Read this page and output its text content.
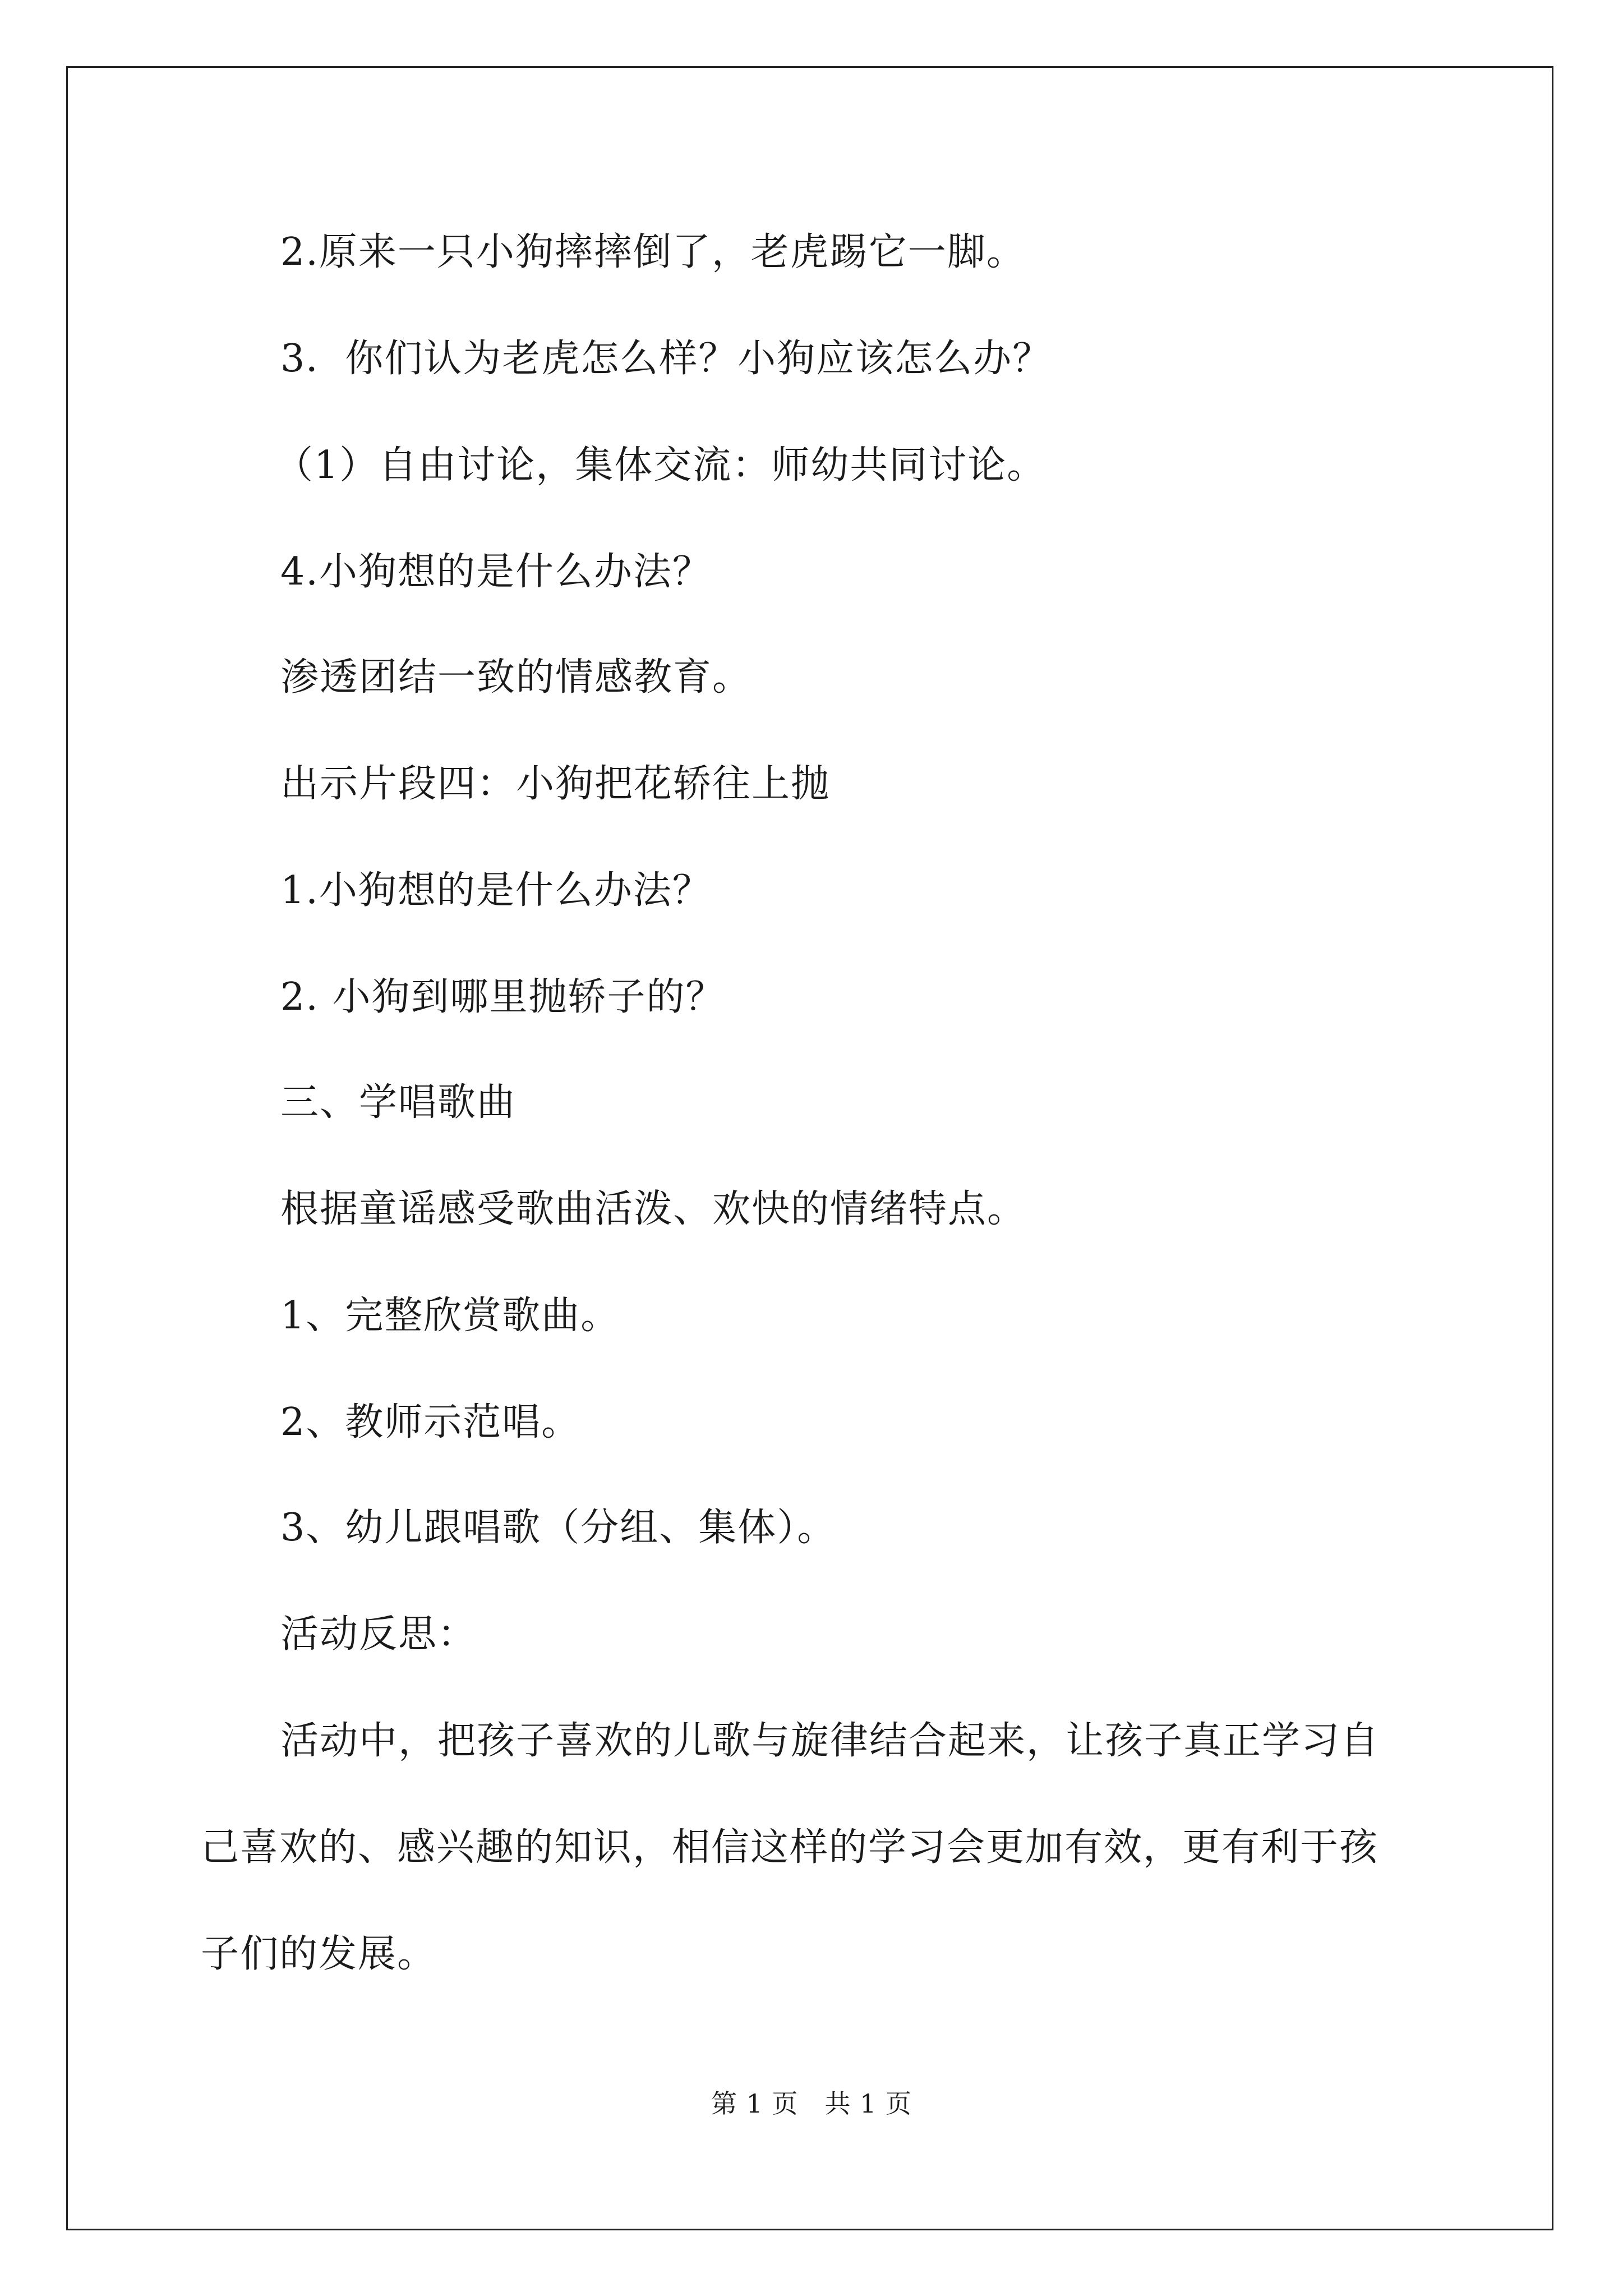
2.原来一只小狗摔摔倒了，老虎踢它一脚。
3．你们认为老虎怎么样？小狗应该怎么办？
（1）自由讨论，集体交流：师幼共同讨论。
4.小狗想的是什么办法？
渗透团结一致的情感教育。
出示片段四：小狗把花轿往上抛
1.小狗想的是什么办法？
2. 小狗到哪里抛轿子的？
三、学唱歌曲
根据童谣感受歌曲活泼、欢快的情绪特点。
1、完整欣赏歌曲。
2、教师示范唱。
3、幼儿跟唱歌（分组、集体）。
活动反思：
活动中，把孩子喜欢的儿歌与旋律结合起来，让孩子真正学习自
己喜欢的、感兴趣的知识，相信这样的学习会更加有效，更有利于孩
子们的发展。
第 1 页　共 1 页
